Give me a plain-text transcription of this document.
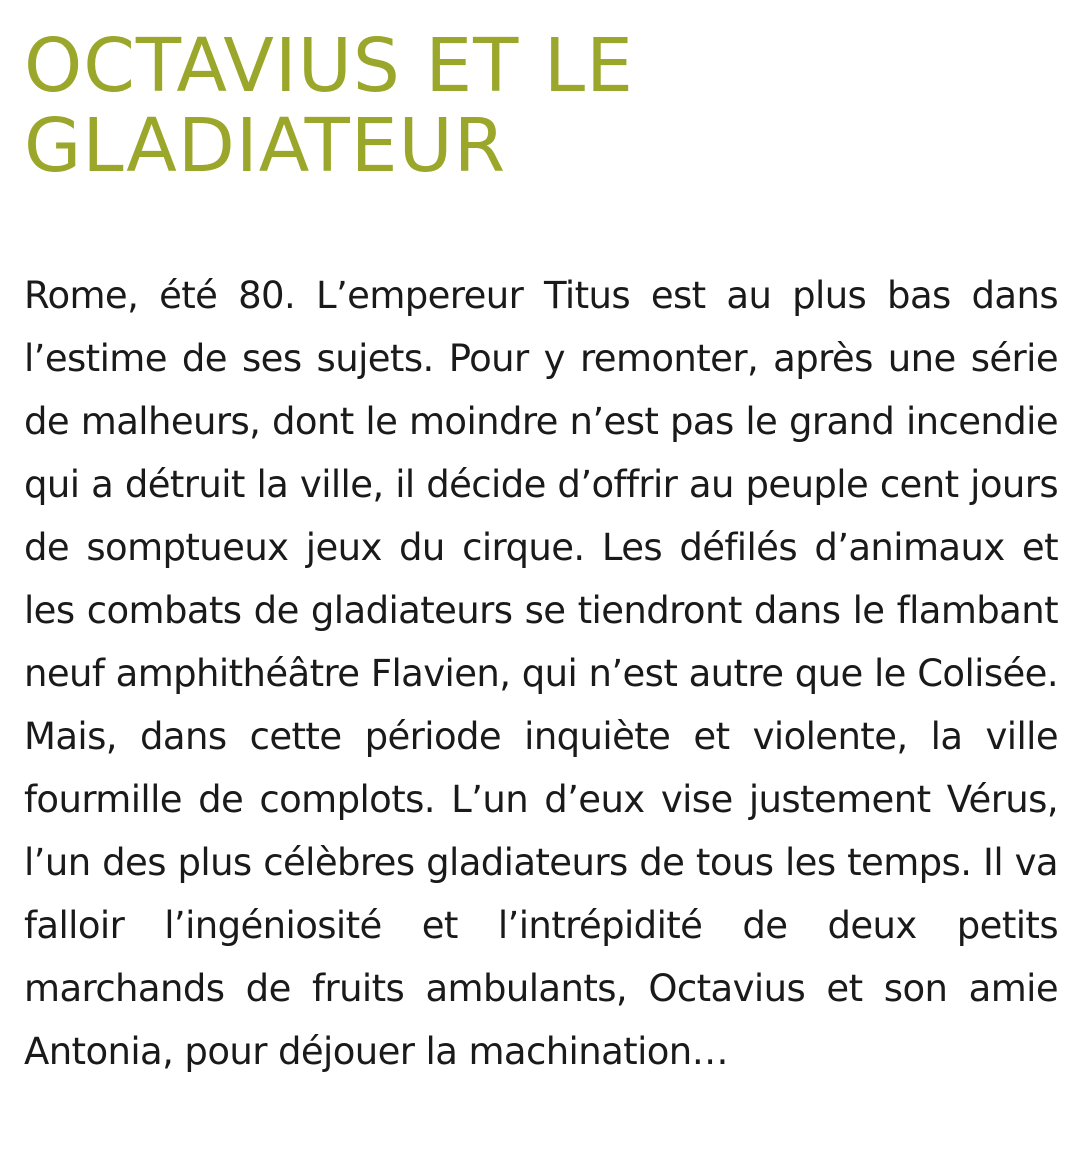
OCTAVIUS ET LE
GLADIATEUR

Rome, été 80. L’empereur Titus est au plus bas dans l’estime de ses sujets. Pour y remonter, après une série de malheurs, dont le moindre n’est pas le grand incendie qui a détruit la ville, il décide d’offrir au peuple cent jours de somptueux jeux du cirque. Les défilés d’animaux et les combats de gladiateurs se tiendront dans le flambant neuf amphithéâtre Flavien, qui n’est autre que le Colisée. Mais, dans cette période inquiète et violente, la ville fourmille de complots. L’un d’eux vise justement Vérus, l’un des plus célèbres gladiateurs de tous les temps. Il va falloir l’ingéniosité et l’intrépidité de deux petits marchands de fruits ambulants, Octavius et son amie Antonia, pour déjouer la machination…
